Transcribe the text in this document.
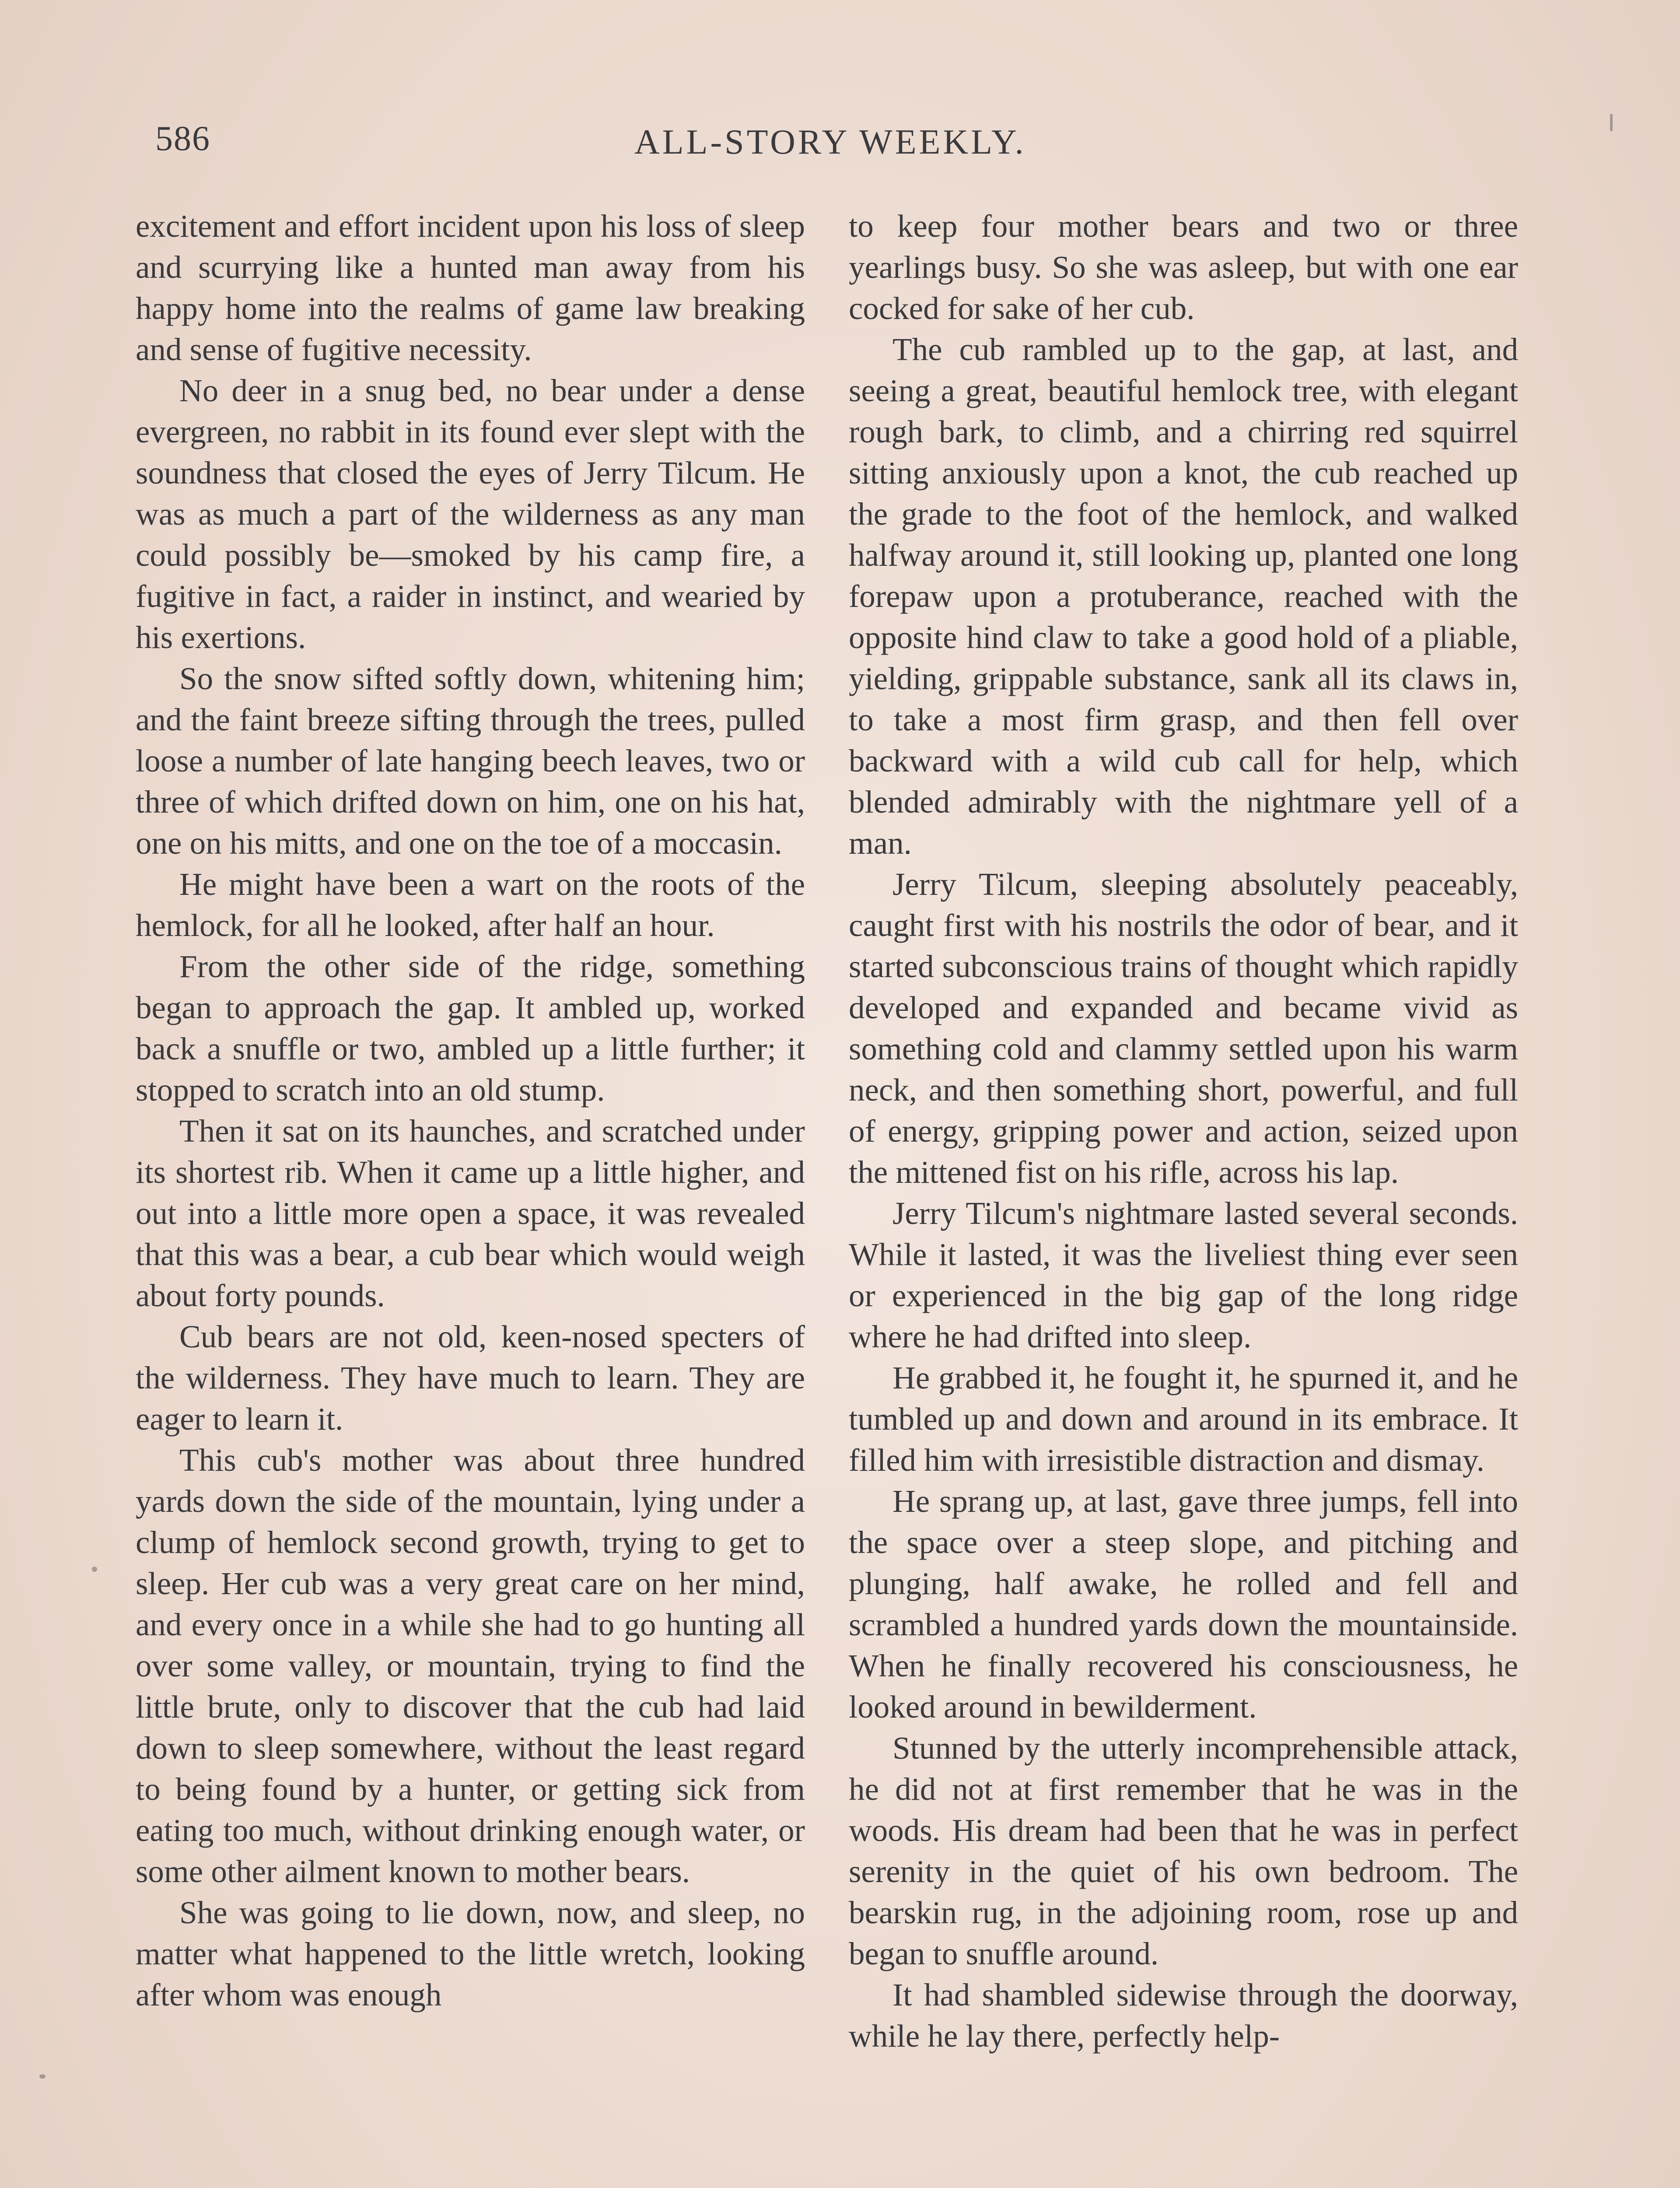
586	ALL-STORY WEEKLY.

excitement and effort incident upon his loss of sleep and scurrying like a hunted man away from his happy home into the realms of game law breaking and sense of fugitive necessity.

No deer in a snug bed, no bear under a dense evergreen, no rabbit in its found ever slept with the soundness that closed the eyes of Jerry Tilcum. He was as much a part of the wilderness as any man could possibly be—smoked by his camp fire, a fugitive in fact, a raider in instinct, and wearied by his exertions.

So the snow sifted softly down, whitening him; and the faint breeze sifting through the trees, pulled loose a number of late hanging beech leaves, two or three of which drifted down on him, one on his hat, one on his mitts, and one on the toe of a moccasin.

He might have been a wart on the roots of the hemlock, for all he looked, after half an hour.

From the other side of the ridge, something began to approach the gap. It ambled up, worked back a snuffle or two, ambled up a little further; it stopped to scratch into an old stump.

Then it sat on its haunches, and scratched under its shortest rib. When it came up a little higher, and out into a little more open a space, it was revealed that this was a bear, a cub bear which would weigh about forty pounds.

Cub bears are not old, keen-nosed specters of the wilderness. They have much to learn. They are eager to learn it.

This cub's mother was about three hundred yards down the side of the mountain, lying under a clump of hemlock second growth, trying to get to sleep. Her cub was a very great care on her mind, and every once in a while she had to go hunting all over some valley, or mountain, trying to find the little brute, only to discover that the cub had laid down to sleep somewhere, without the least regard to being found by a hunter, or getting sick from eating too much, without drinking enough water, or some other ailment known to mother bears.

She was going to lie down, now, and sleep, no matter what happened to the little wretch, looking after whom was enough

to keep four mother bears and two or three yearlings busy. So she was asleep, but with one ear cocked for sake of her cub.

The cub rambled up to the gap, at last, and seeing a great, beautiful hemlock tree, with elegant rough bark, to climb, and a chirring red squirrel sitting anxiously upon a knot, the cub reached up the grade to the foot of the hemlock, and walked halfway around it, still looking up, planted one long forepaw upon a protuberance, reached with the opposite hind claw to take a good hold of a pliable, yielding, grippable substance, sank all its claws in, to take a most firm grasp, and then fell over backward with a wild cub call for help, which blended admirably with the nightmare yell of a man.

Jerry Tilcum, sleeping absolutely peaceably, caught first with his nostrils the odor of bear, and it started subconscious trains of thought which rapidly developed and expanded and became vivid as something cold and clammy settled upon his warm neck, and then something short, powerful, and full of energy, gripping power and action, seized upon the mittened fist on his rifle, across his lap.

Jerry Tilcum's nightmare lasted several seconds. While it lasted, it was the liveliest thing ever seen or experienced in the big gap of the long ridge where he had drifted into sleep.

He grabbed it, he fought it, he spurned it, and he tumbled up and down and around in its embrace. It filled him with irresistible distraction and dismay.

He sprang up, at last, gave three jumps, fell into the space over a steep slope, and pitching and plunging, half awake, he rolled and fell and scrambled a hundred yards down the mountainside. When he finally recovered his consciousness, he looked around in bewilderment.

Stunned by the utterly incomprehensible attack, he did not at first remember that he was in the woods. His dream had been that he was in perfect serenity in the quiet of his own bedroom. The bearskin rug, in the adjoining room, rose up and began to snuffle around.

It had shambled sidewise through the doorway, while he lay there, perfectly help-
